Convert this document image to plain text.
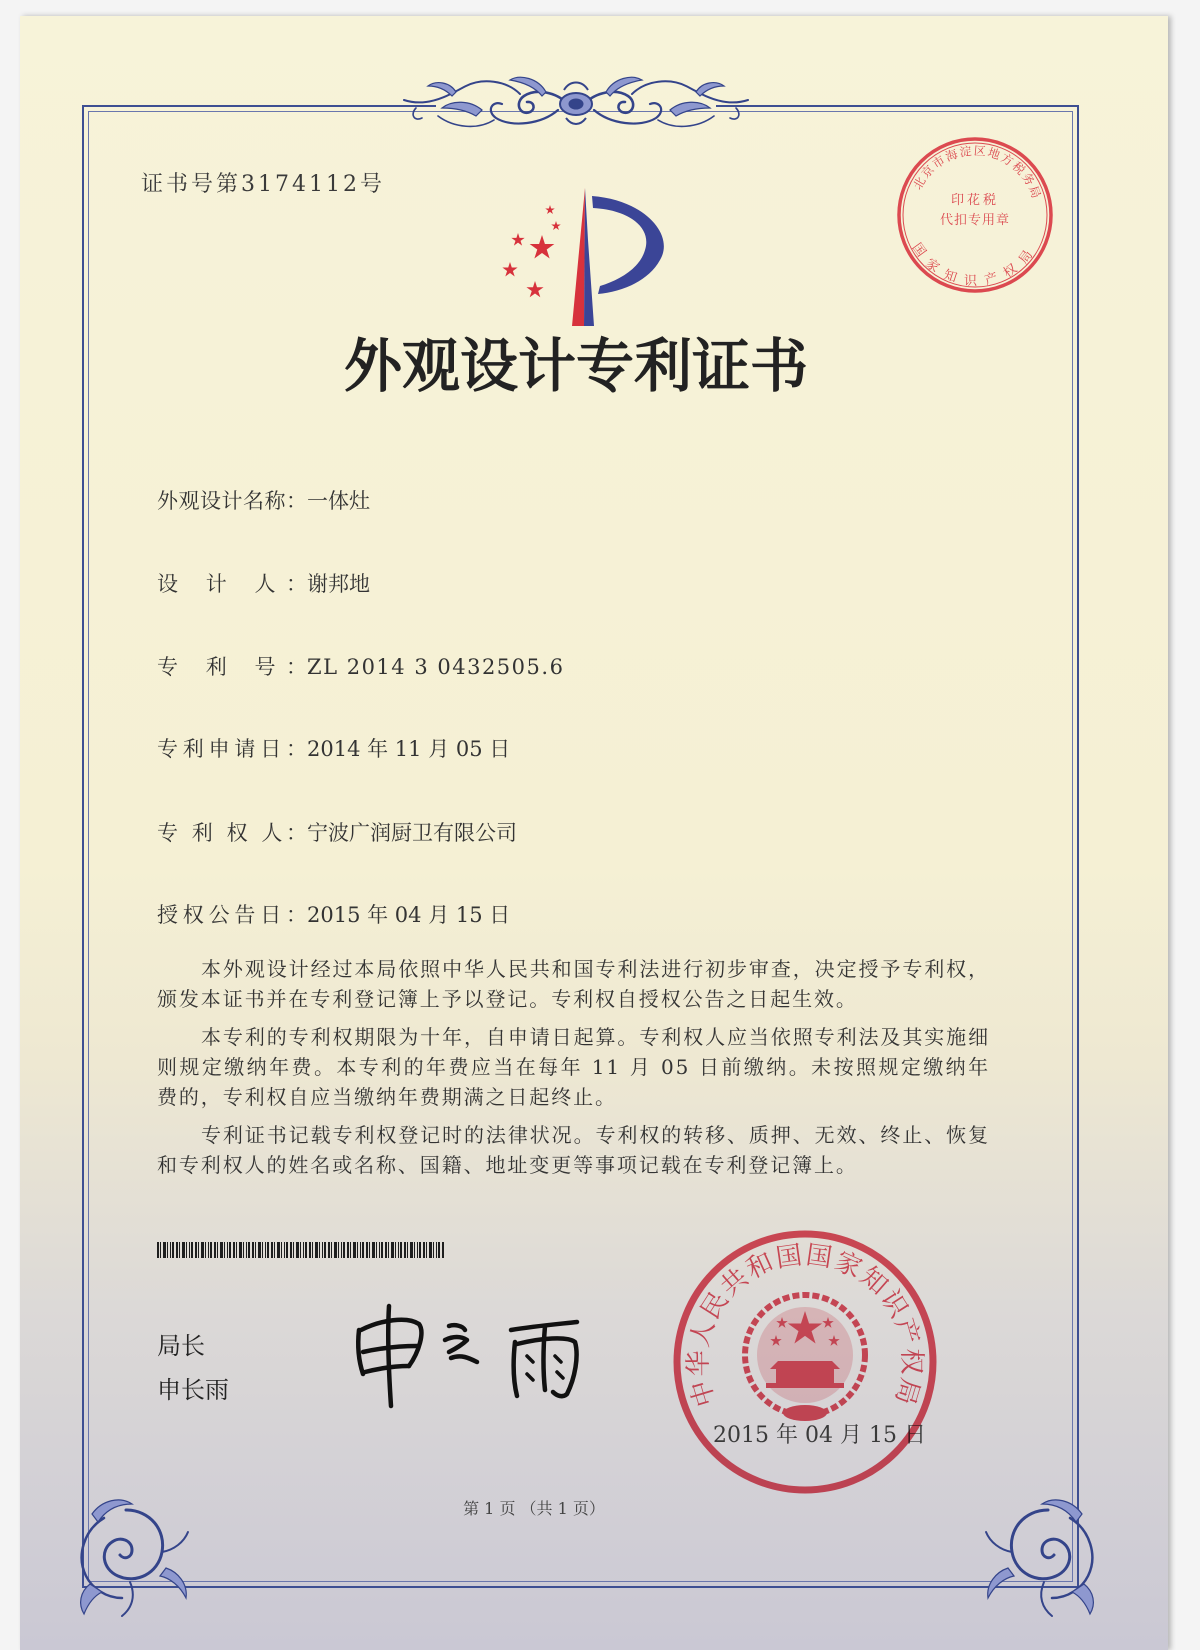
证书号第3174112号	北京市海淀区地方税务局
国家知识产权局
印花税
代扣专用章
外观设计专利证书
外观设计名称：一体灶
设 计 人：谢邦地
专 利 号：ZL 2014 3 0432505.6
专利申请日：2014 年 11 月 05 日
专 利 权 人：宁波广润厨卫有限公司
授权公告日：2015 年 04 月 15 日

本外观设计经过本局依照中华人民共和国专利法进行初步审查，决定授予专利权，颁发本证书并在专利登记簿上予以登记。专利权自授权公告之日起生效。

本专利的专利权期限为十年，自申请日起算。专利权人应当依照专利法及其实施细则规定缴纳年费。本专利的年费应当在每年 11 月 05 日前缴纳。未按照规定缴纳年费的，专利权自应当缴纳年费期满之日起终止。

专利证书记载专利权登记时的法律状况。专利权的转移、质押、无效、终止、恢复和专利权人的姓名或名称、国籍、地址变更等事项记载在专利登记簿上。

局长
申长雨
2015 年 04 月 15 日
中华人民共和国国家知识产权局
第 1 页 （共 1 页）
